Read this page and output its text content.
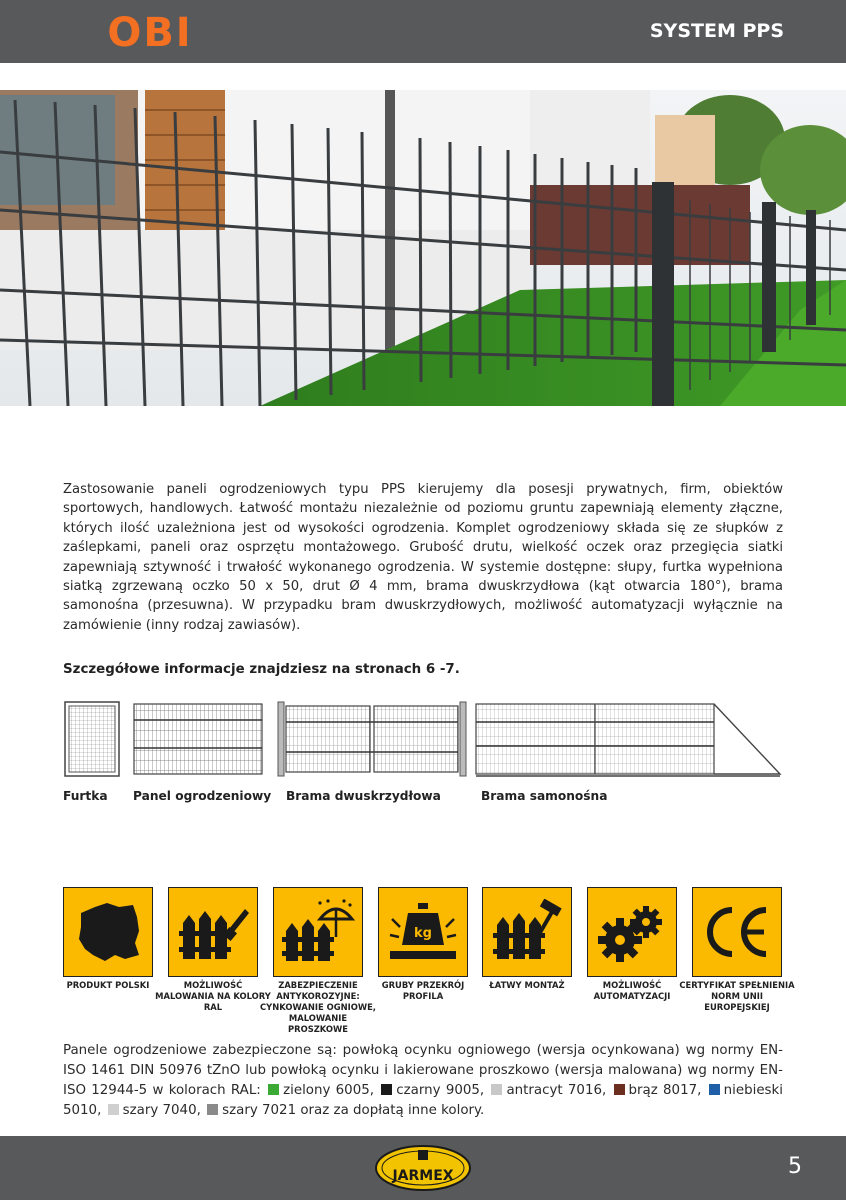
OBI	SYSTEM PPS
Zastosowanie paneli ogrodzeniowych typu PPS kierujemy dla posesji prywatnych, firm, obiektów sportowych, handlowych. Łatwość montażu niezależnie od poziomu gruntu zapewniają elementy złączne, których ilość uzależniona jest od wysokości ogrodzenia. Komplet ogrodzeniowy składa się ze słupków z zaślepkami, paneli oraz osprzętu montażowego. Grubość drutu, wielkość oczek oraz przegięcia siatki zapewniają sztywność i trwałość wykonanego ogrodzenia. W systemie dostępne: słupy, furtka wypełniona siatką zgrzewaną oczko 50 x 50, drut Ø 4 mm, brama dwuskrzydłowa (kąt otwarcia 180°), brama samonośna (przesuwna). W przypadku bram dwuskrzydłowych, możliwość automatyzacji wyłącznie na zamówienie (inny rodzaj zawiasów).
Szczegółowe informacje znajdziesz na stronach 6 -7.
Furtka Panel ogrodzeniowy Brama dwuskrzydłowa	Brama samonośna
PRODUKT POLSKI	MOŻLIWOŚĆ MALOWANIA NA KOLORY RAL
ZABEZPIECZENIE ANTYKOROZYJNE: CYNKOWANIE OGNIOWE, MALOWANIE PROSZKOWE
kg
GRUBY PRZEKRÓJ PROFILA
ŁATWY MONTAŻ	MOŻLIWOŚĆ AUTOMATYZACJI
CERTYFIKAT SPEŁNIENIA NORM UNII EUROPEJSKIEJ
Panele ogrodzeniowe zabezpieczone są: powłoką ocynku ogniowego (wersja ocynkowana) wg normy EN-ISO 1461 DIN 50976 tZnO lub powłoką ocynku i lakierowane proszkowo (wersja malowana) wg normy EN-ISO 12944-5 w kolorach RAL: zielony 6005, czarny 9005, antracyt 7016, brąz 8017, niebieski 5010, szary 7040, szary 7021 oraz za dopłatą inne kolory.
JARMEX	5
